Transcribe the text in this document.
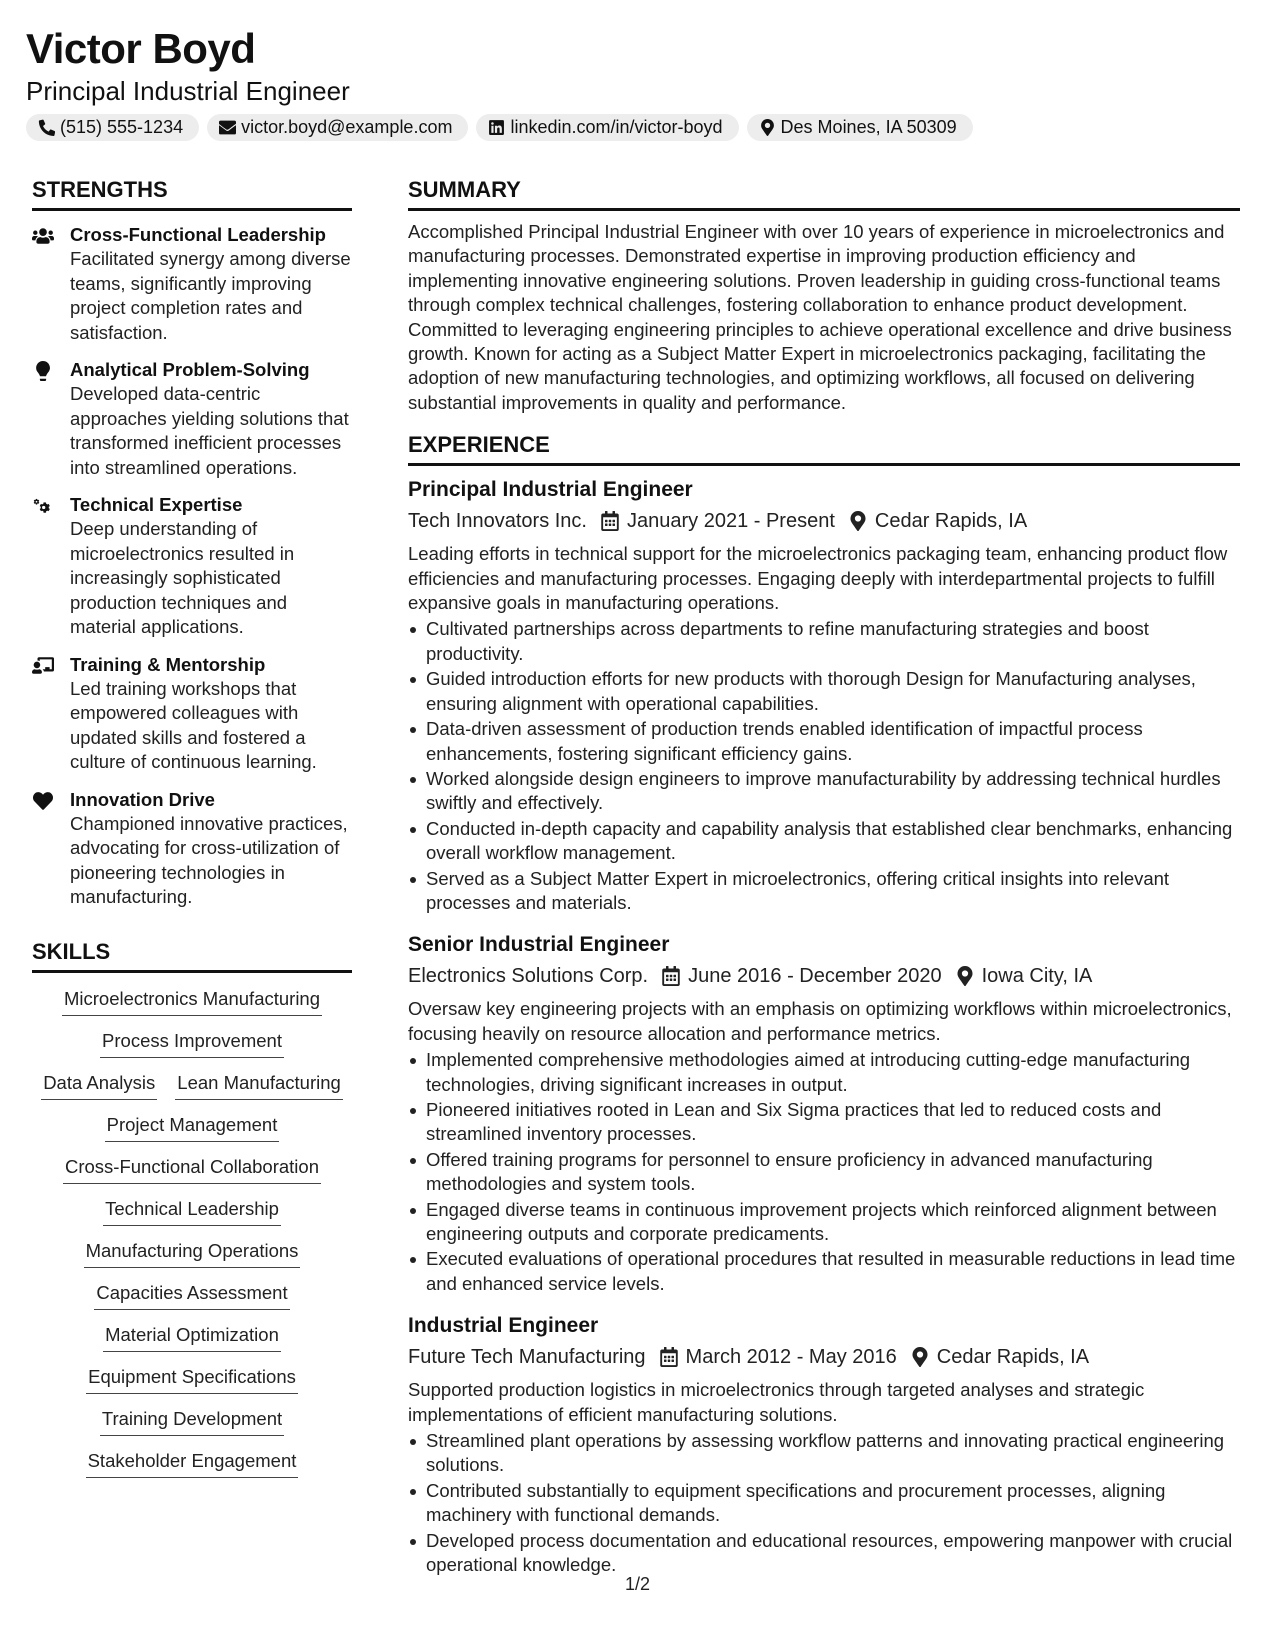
Victor Boyd
Principal Industrial Engineer
(515) 555-1234	victor.boyd@example.com	linkedin.com/in/victor-boyd	Des Moines, IA 50309
STRENGTHS
Cross-Functional Leadership
Facilitated synergy among diverse teams, significantly improving project completion rates and satisfaction.
Analytical Problem-Solving
Developed data-centric approaches yielding solutions that transformed inefficient processes into streamlined operations.
Technical Expertise
Deep understanding of microelectronics resulted in increasingly sophisticated production techniques and material applications.
Training & Mentorship
Led training workshops that empowered colleagues with updated skills and fostered a culture of continuous learning.
Innovation Drive
Championed innovative practices, advocating for cross-utilization of pioneering technologies in manufacturing.
SKILLS
Microelectronics Manufacturing
Process Improvement
Data Analysis Lean Manufacturing
Project Management
Cross-Functional Collaboration
Technical Leadership
Manufacturing Operations
Capacities Assessment
Material Optimization
Equipment Specifications
Training Development
Stakeholder Engagement
SUMMARY
Accomplished Principal Industrial Engineer with over 10 years of experience in microelectronics and manufacturing processes. Demonstrated expertise in improving production efficiency and implementing innovative engineering solutions. Proven leadership in guiding cross-functional teams through complex technical challenges, fostering collaboration to enhance product development. Committed to leveraging engineering principles to achieve operational excellence and drive business growth. Known for acting as a Subject Matter Expert in microelectronics packaging, facilitating the adoption of new manufacturing technologies, and optimizing workflows, all focused on delivering substantial improvements in quality and performance.
EXPERIENCE
Principal Industrial Engineer
Tech Innovators Inc. January 2021 - Present Cedar Rapids, IA
Leading efforts in technical support for the microelectronics packaging team, enhancing product flow efficiencies and manufacturing processes. Engaging deeply with interdepartmental projects to fulfill expansive goals in manufacturing operations.
Cultivated partnerships across departments to refine manufacturing strategies and boost productivity.
Guided introduction efforts for new products with thorough Design for Manufacturing analyses, ensuring alignment with operational capabilities.
Data-driven assessment of production trends enabled identification of impactful process enhancements, fostering significant efficiency gains.
Worked alongside design engineers to improve manufacturability by addressing technical hurdles swiftly and effectively.
Conducted in-depth capacity and capability analysis that established clear benchmarks, enhancing overall workflow management.
Served as a Subject Matter Expert in microelectronics, offering critical insights into relevant processes and materials.
Senior Industrial Engineer
Electronics Solutions Corp. June 2016 - December 2020 Iowa City, IA
Oversaw key engineering projects with an emphasis on optimizing workflows within microelectronics, focusing heavily on resource allocation and performance metrics.
Implemented comprehensive methodologies aimed at introducing cutting-edge manufacturing technologies, driving significant increases in output.
Pioneered initiatives rooted in Lean and Six Sigma practices that led to reduced costs and streamlined inventory processes.
Offered training programs for personnel to ensure proficiency in advanced manufacturing methodologies and system tools.
Engaged diverse teams in continuous improvement projects which reinforced alignment between engineering outputs and corporate predicaments.
Executed evaluations of operational procedures that resulted in measurable reductions in lead time and enhanced service levels.
Industrial Engineer
Future Tech Manufacturing March 2012 - May 2016 Cedar Rapids, IA
Supported production logistics in microelectronics through targeted analyses and strategic implementations of efficient manufacturing solutions.
Streamlined plant operations by assessing workflow patterns and innovating practical engineering solutions.
Contributed substantially to equipment specifications and procurement processes, aligning machinery with functional demands.
Developed process documentation and educational resources, empowering manpower with crucial operational knowledge.
1/2
